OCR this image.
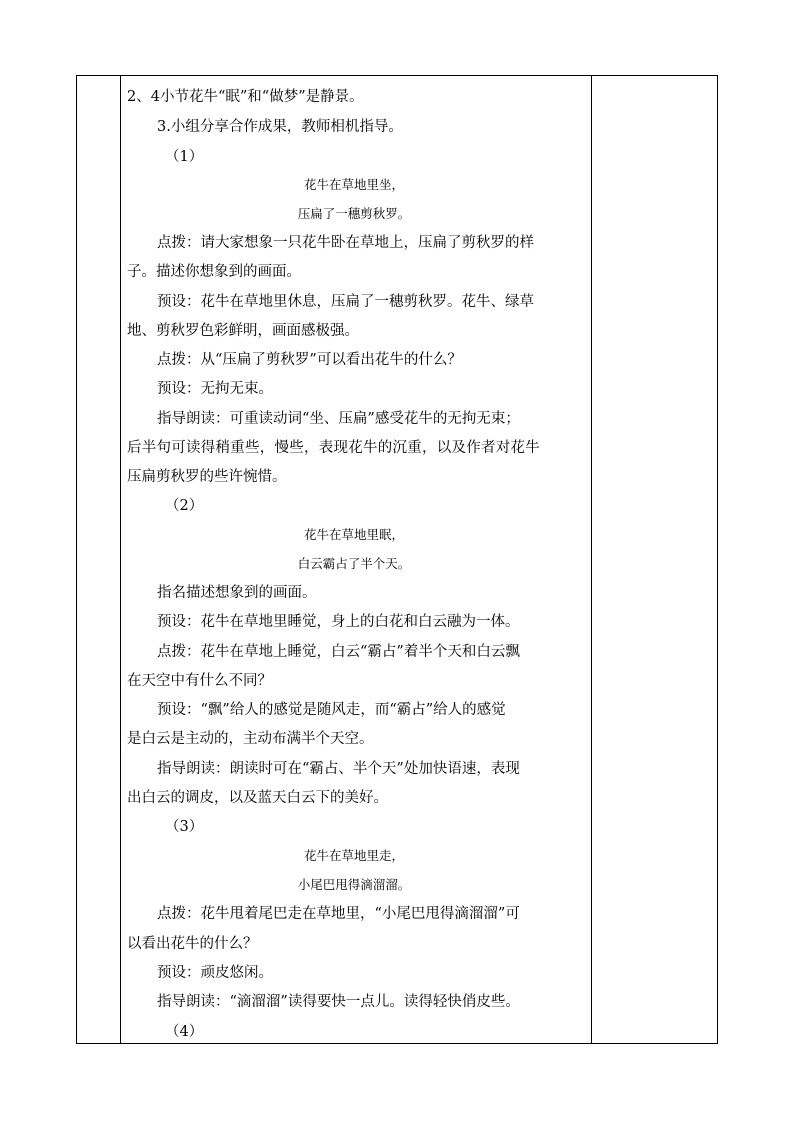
2、4小节花牛“眠”和“做梦”是静景。
3.小组分享合作成果，教师相机指导。
（1）
花牛在草地里坐，
压扁了一穗剪秋罗。
点拨：请大家想象一只花牛卧在草地上，压扁了剪秋罗的样
子。描述你想象到的画面。
预设：花牛在草地里休息，压扁了一穗剪秋罗。花牛、绿草
地、剪秋罗色彩鲜明，画面感极强。
点拨：从“压扁了剪秋罗”可以看出花牛的什么？
预设：无拘无束。
指导朗读：可重读动词“坐、压扁”感受花牛的无拘无束；
后半句可读得稍重些，慢些，表现花牛的沉重，以及作者对花牛
压扁剪秋罗的些许惋惜。
（2）
花牛在草地里眠，
白云霸占了半个天。
指名描述想象到的画面。
预设：花牛在草地里睡觉，身上的白花和白云融为一体。
点拨：花牛在草地上睡觉，白云“霸占”着半个天和白云飘
在天空中有什么不同？
预设：“飘”给人的感觉是随风走，而“霸占”给人的感觉
是白云是主动的，主动布满半个天空。
指导朗读：朗读时可在“霸占、半个天”处加快语速，表现
出白云的调皮，以及蓝天白云下的美好。
（3）
花牛在草地里走，
小尾巴甩得滴溜溜。
点拨：花牛甩着尾巴走在草地里，“小尾巴甩得滴溜溜”可
以看出花牛的什么？
预设：顽皮悠闲。
指导朗读：“滴溜溜”读得要快一点儿。读得轻快俏皮些。
（4）
